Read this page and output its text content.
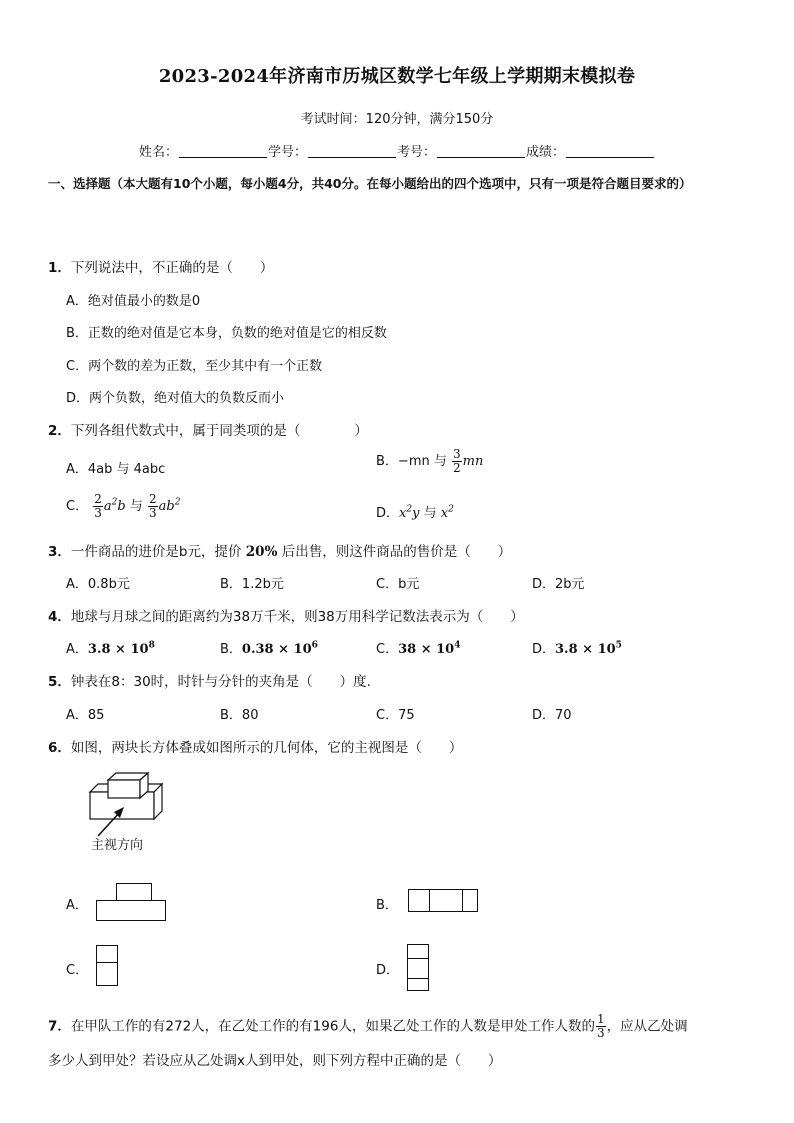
2023-2024年济南市历城区数学七年级上学期期末模拟卷
考试时间：120分钟，满分150分
姓名：	学号：	考号：	成绩：
一、选择题（本大题有10个小题，每小题4分，共40分。在每小题给出的四个选项中，只有一项是符合题目要求的）
1．下列说法中，不正确的是（　　）
A．绝对值最小的数是0
B．正数的绝对值是它本身，负数的绝对值是它的相反数
C．两个数的差为正数，至少其中有一个正数
D．两个负数，绝对值大的负数反而小
2．下列各组代数式中，属于同类项的是（　　　　）
A．4ab 与 4abc
B．−mn 与 $\frac{3}{2}$ mn
C． $\frac{2}{3} a^2b$ 与 $\frac{2}{3} ab^2$
D．$x^2y$ 与 $x^2$
3．一件商品的进价是b元，提价 20% 后出售，则这件商品的售价是（　　）
A．0.8b元	B．1.2b元	C．b元	D．2b元
4．地球与月球之间的距离约为38万千米，则38万用科学记数法表示为（　　）
A．$3.8 \times 10^8$	B．$0.38 \times 10^6$	C．$38 \times 10^4$	D．$3.8 \times 10^5$
5．钟表在8：30时，时针与分针的夹角是（　　）度.
A．85	B．80	C．75	D．70
6．如图，两块长方体叠成如图所示的几何体，它的主视图是（　　）
主视方向
A．	B．
C．	D．
7．在甲队工作的有272人，在乙处工作的有196人，如果乙处工作的人数是甲处工作人数的 $\frac{1}{3}$ ，应从乙处调
多少人到甲处？若设应从乙处调x人到甲处，则下列方程中正确的是（　　）
